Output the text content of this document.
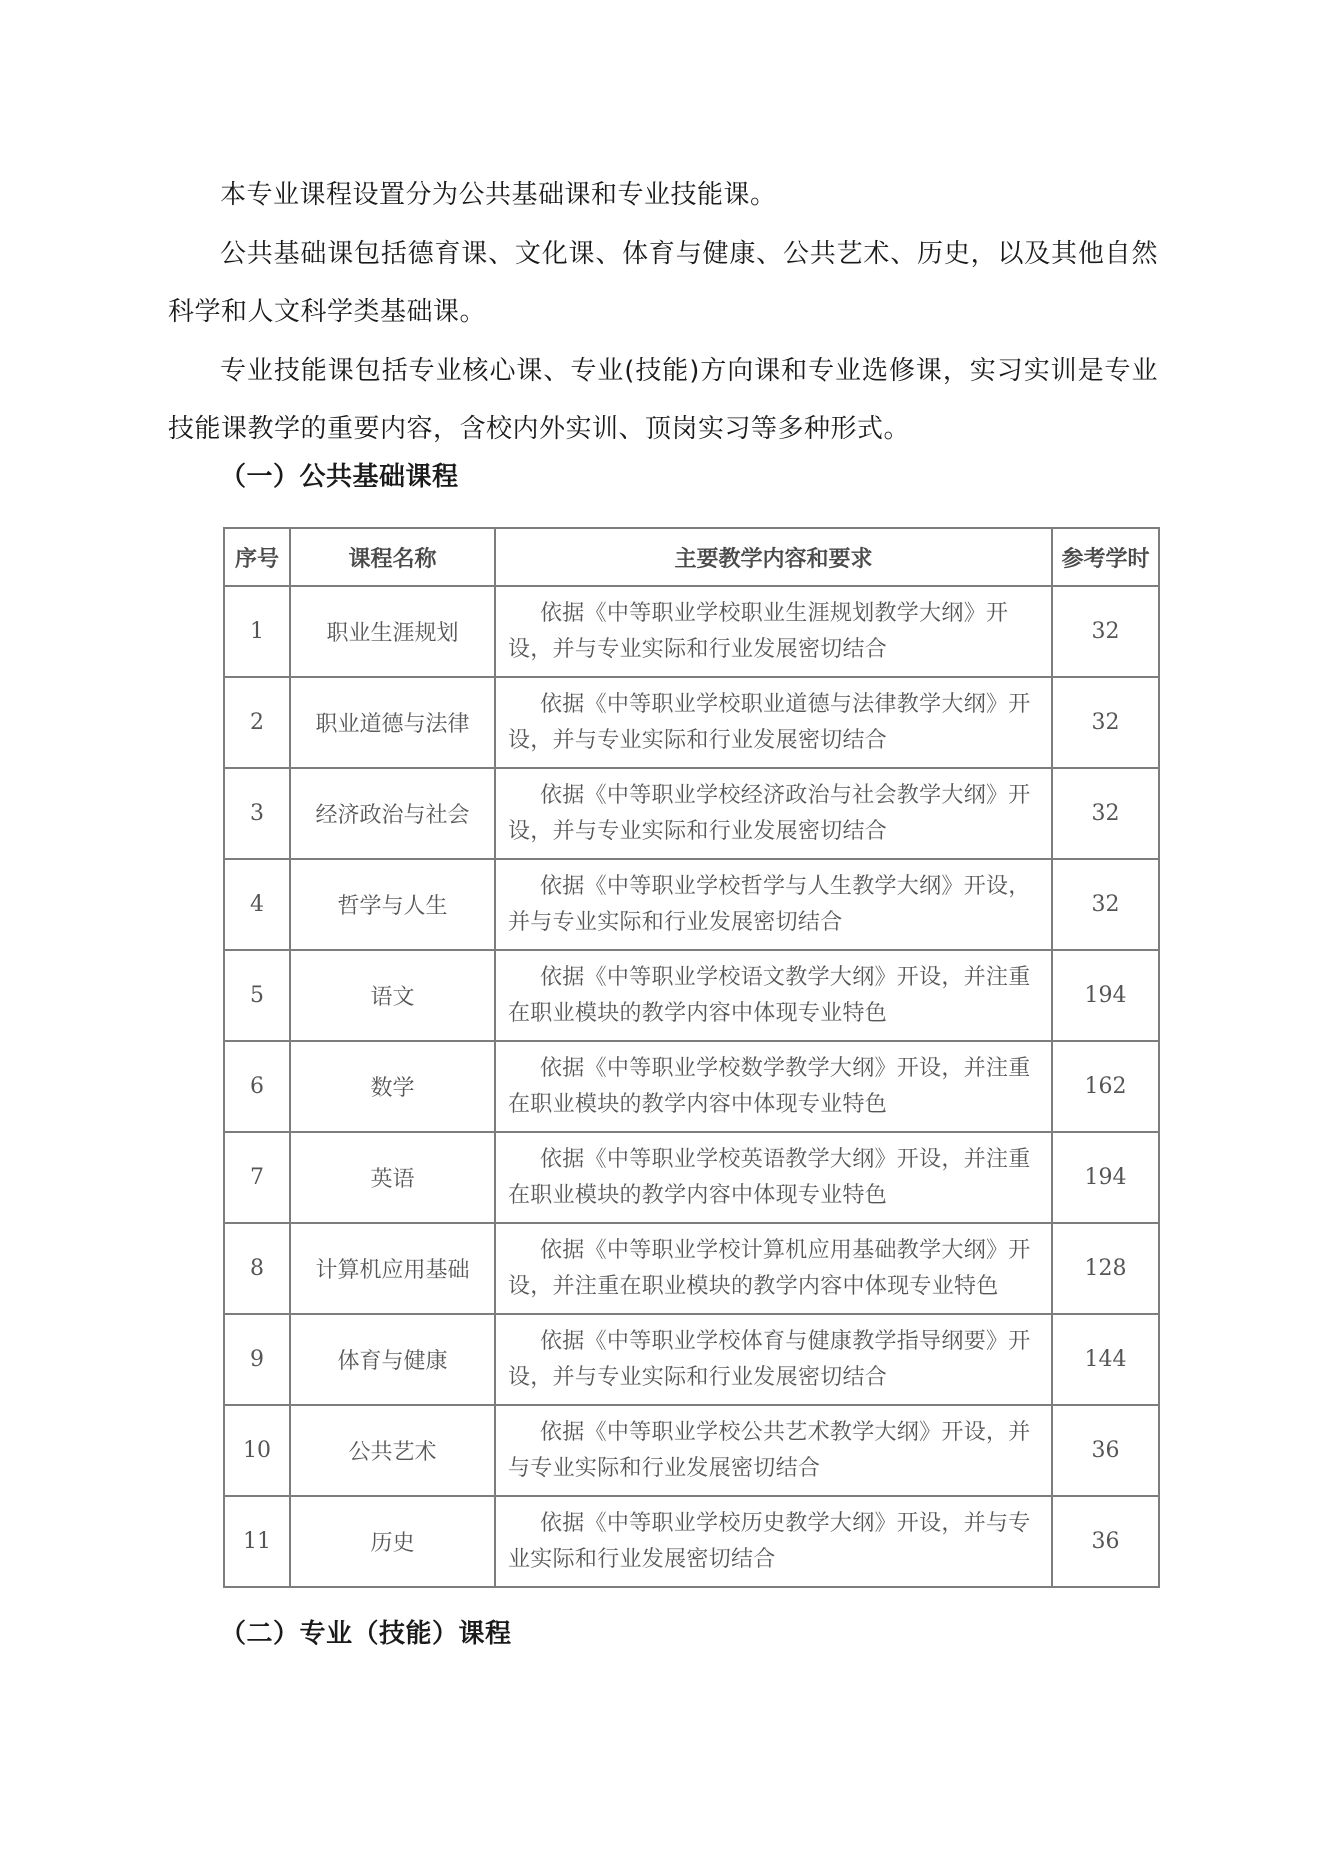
本专业课程设置分为公共基础课和专业技能课。

公共基础课包括德育课、文化课、体育与健康、公共艺术、历史，以及其他自然科学和人文科学类基础课。

专业技能课包括专业核心课、专业(技能)方向课和专业选修课，实习实训是专业技能课教学的重要内容，含校内外实训、顶岗实习等多种形式。

（一）公共基础课程
序号	课程名称	主要教学内容和要求	参考学时
1	职业生涯规划	依据《中等职业学校职业生涯规划教学大纲》开设，并与专业实际和行业发展密切结合	32
2	职业道德与法律	依据《中等职业学校职业道德与法律教学大纲》开设，并与专业实际和行业发展密切结合	32
3	经济政治与社会	依据《中等职业学校经济政治与社会教学大纲》开设，并与专业实际和行业发展密切结合	32
4	哲学与人生	依据《中等职业学校哲学与人生教学大纲》开设，并与专业实际和行业发展密切结合	32
5	语文	依据《中等职业学校语文教学大纲》开设，并注重在职业模块的教学内容中体现专业特色	194
6	数学	依据《中等职业学校数学教学大纲》开设，并注重在职业模块的教学内容中体现专业特色	162
7	英语	依据《中等职业学校英语教学大纲》开设，并注重在职业模块的教学内容中体现专业特色	194
8	计算机应用基础	依据《中等职业学校计算机应用基础教学大纲》开设，并注重在职业模块的教学内容中体现专业特色	128
9	体育与健康	依据《中等职业学校体育与健康教学指导纲要》开设，并与专业实际和行业发展密切结合	144
10	公共艺术	依据《中等职业学校公共艺术教学大纲》开设，并与专业实际和行业发展密切结合	36
11	历史	依据《中等职业学校历史教学大纲》开设，并与专业实际和行业发展密切结合	36
（二）专业（技能）课程
